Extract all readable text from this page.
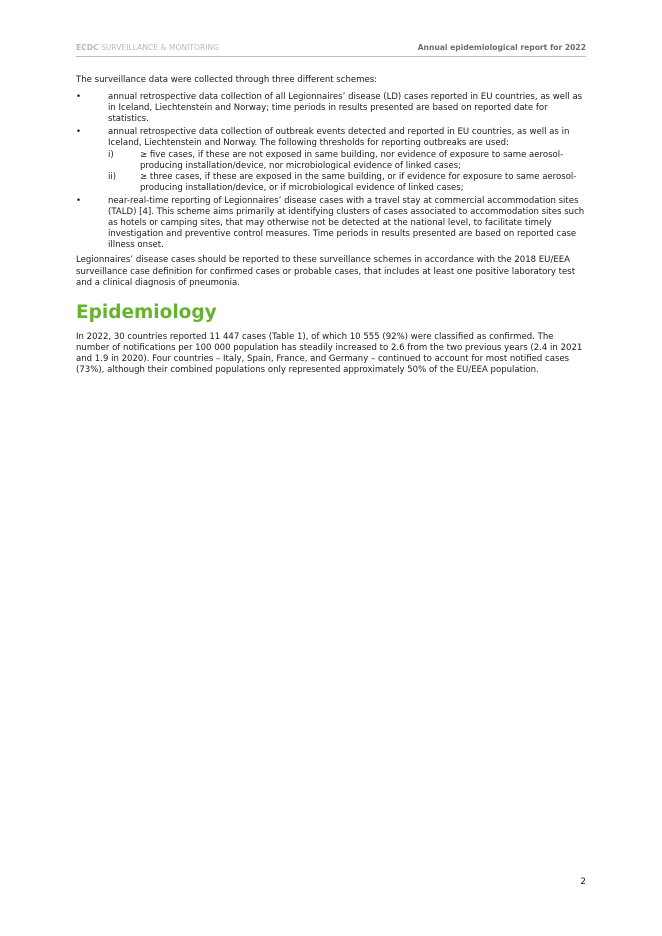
ECDC SURVEILLANCE & MONITORING	Annual epidemiological report for 2022

The surveillance data were collected through three different schemes:

•	annual retrospective data collection of all Legionnaires’ disease (LD) cases reported in EU countries, as well as in Iceland, Liechtenstein and Norway; time periods in results presented are based on reported date for statistics.
•	annual retrospective data collection of outbreak events detected and reported in EU countries, as well as in Iceland, Liechtenstein and Norway. The following thresholds for reporting outbreaks are used:
i)	≥ five cases, if these are not exposed in same building, nor evidence of exposure to same aerosol-producing installation/device, nor microbiological evidence of linked cases;
ii)	≥ three cases, if these are exposed in the same building, or if evidence for exposure to same aerosol-producing installation/device, or if microbiological evidence of linked cases;
•	near-real-time reporting of Legionnaires’ disease cases with a travel stay at commercial accommodation sites (TALD) [4]. This scheme aims primarily at identifying clusters of cases associated to accommodation sites such as hotels or camping sites, that may otherwise not be detected at the national level, to facilitate timely investigation and preventive control measures. Time periods in results presented are based on reported case illness onset.

Legionnaires’ disease cases should be reported to these surveillance schemes in accordance with the 2018 EU/EEA surveillance case definition for confirmed cases or probable cases, that includes at least one positive laboratory test and a clinical diagnosis of pneumonia.

Epidemiology

In 2022, 30 countries reported 11 447 cases (Table 1), of which 10 555 (92%) were classified as confirmed. The number of notifications per 100 000 population has steadily increased to 2.6 from the two previous years (2.4 in 2021 and 1.9 in 2020). Four countries – Italy, Spain, France, and Germany – continued to account for most notified cases (73%), although their combined populations only represented approximately 50% of the EU/EEA population.

2
